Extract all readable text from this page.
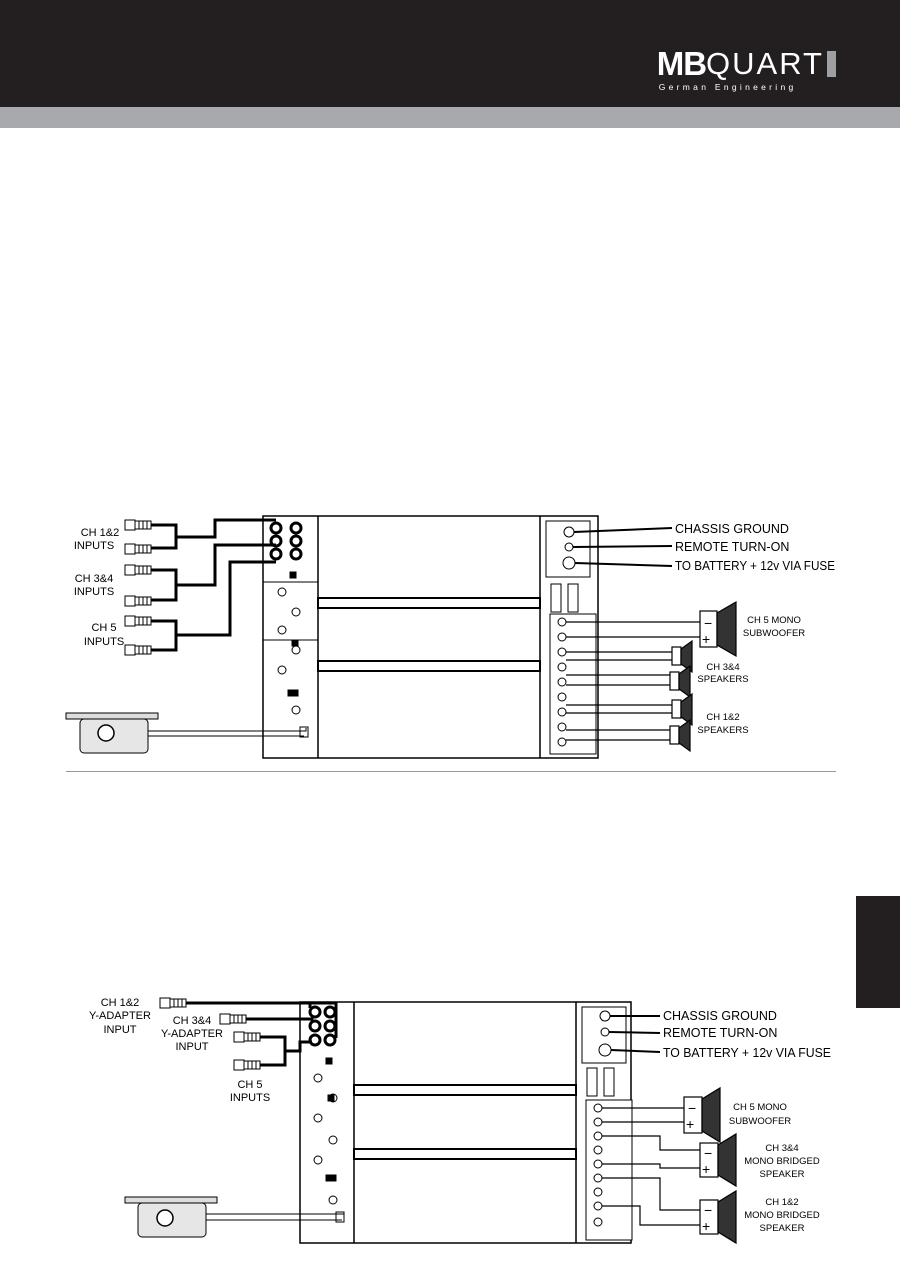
MBQUART
German Engineering
−
+
CH 1&2
INPUTS
CH 3&4
INPUTS
CH 5
INPUTS
CHASSIS GROUND
REMOTE TURN-ON
TO BATTERY + 12v VIA FUSE
CH 5 MONO
SUBWOOFER
CH 3&4
SPEAKERS
CH 1&2
SPEAKERS
−
+
−
+
−
+
CH 1&2
Y-ADAPTER
INPUT
CH 3&4
Y-ADAPTER
INPUT
CH 5
INPUTS
CHASSIS GROUND
REMOTE TURN-ON
TO BATTERY + 12v VIA FUSE
CH 5 MONO
SUBWOOFER
CH 3&4
MONO BRIDGED
SPEAKER
CH 1&2
MONO BRIDGED
SPEAKER
